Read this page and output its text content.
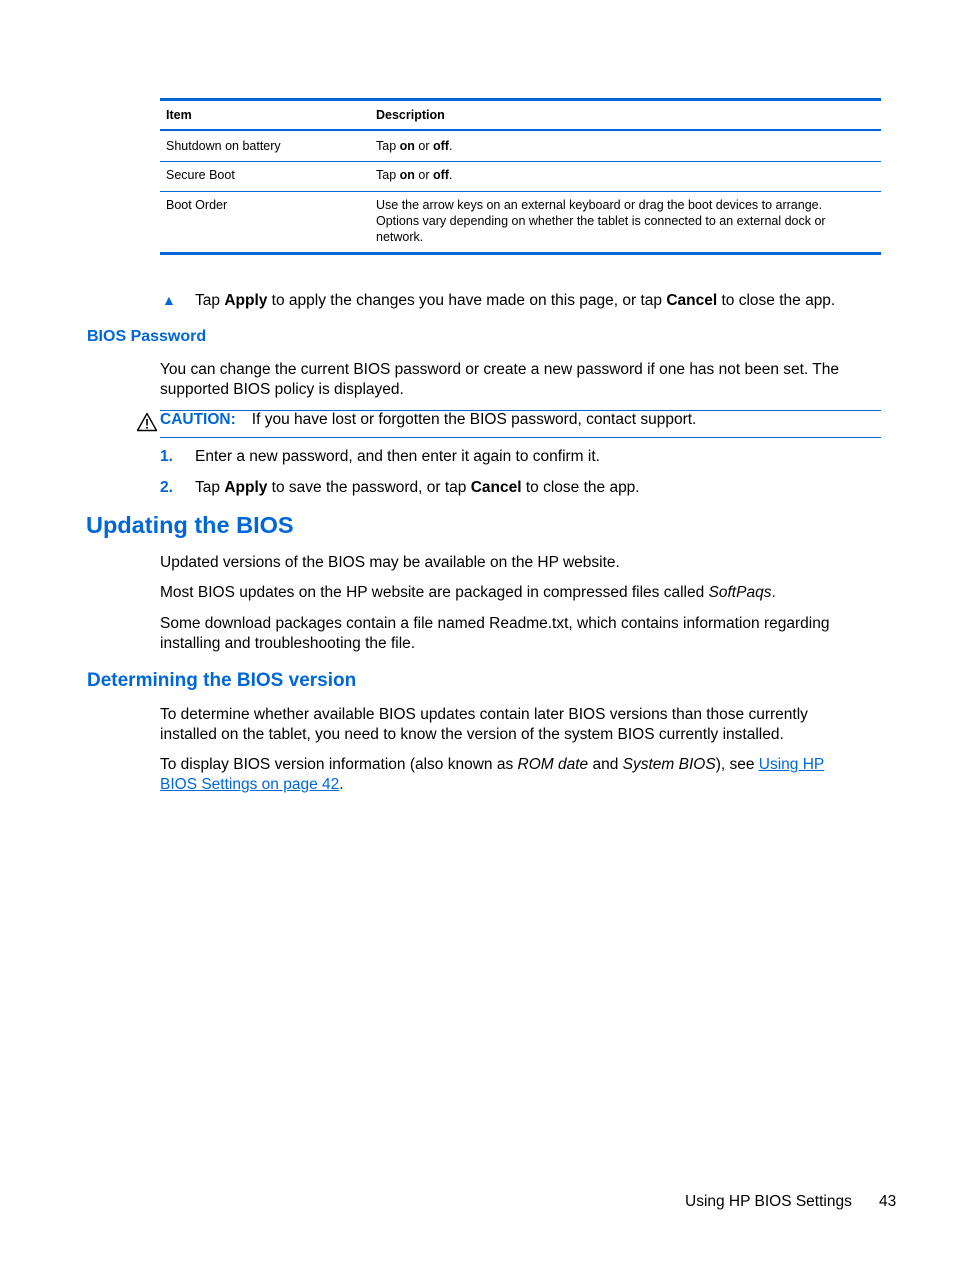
Item	Description
Shutdown on battery	Tap on or off.
Secure Boot	Tap on or off.
Boot Order	Use the arrow keys on an external keyboard or drag the boot devices to arrange.
Options vary depending on whether the tablet is connected to an external dock or
network.
▲ Tap Apply to apply the changes you have made on this page, or tap Cancel to close the app.
BIOS Password
You can change the current BIOS password or create a new password if one has not been set. The
supported BIOS policy is displayed.
CAUTION: If you have lost or forgotten the BIOS password, contact support.
1. Enter a new password, and then enter it again to confirm it.
2. Tap Apply to save the password, or tap Cancel to close the app.
Updating the BIOS
Updated versions of the BIOS may be available on the HP website.
Most BIOS updates on the HP website are packaged in compressed files called SoftPaqs.
Some download packages contain a file named Readme.txt, which contains information regarding
installing and troubleshooting the file.
Determining the BIOS version
To determine whether available BIOS updates contain later BIOS versions than those currently
installed on the tablet, you need to know the version of the system BIOS currently installed.
To display BIOS version information (also known as ROM date and System BIOS), see Using HP
BIOS Settings on page 42.
Using HP BIOS Settings 43
